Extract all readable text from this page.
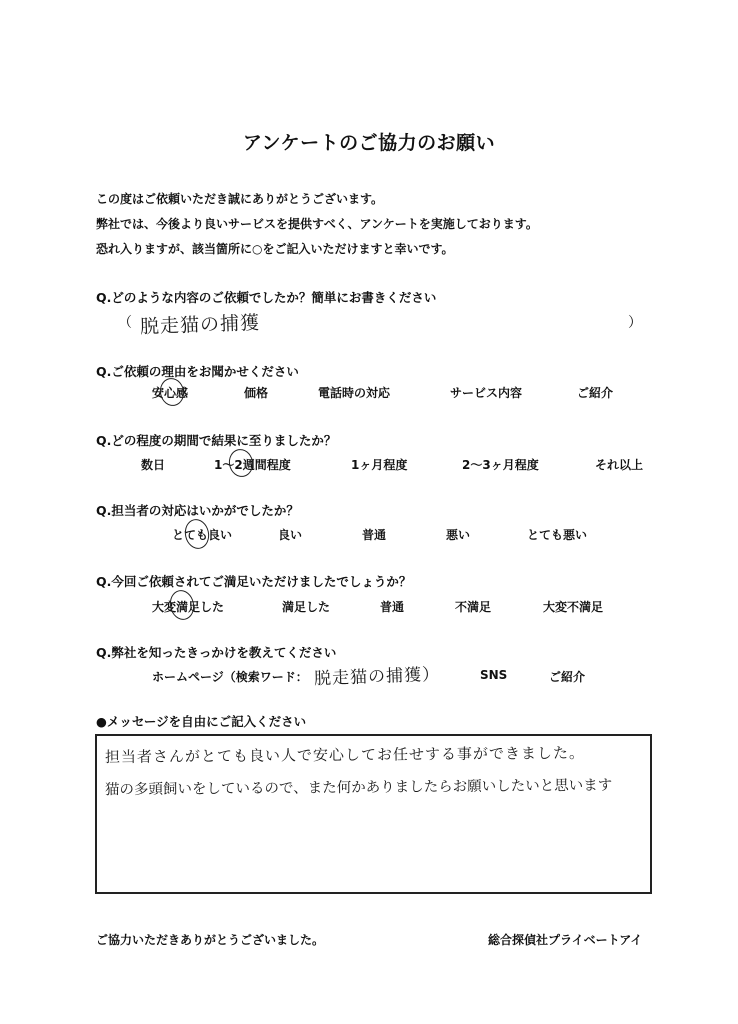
アンケートのご協力のお願い
この度はご依頼いただき誠にありがとうございます。
弊社では、今後より良いサービスを提供すべく、アンケートを実施しております。
恐れ入りますが、該当箇所に○をご記入いただけますと幸いです。
Q.どのような内容のご依頼でしたか？簡単にお書きください
（ 脱走猫の捕獲	）
Q.ご依頼の理由をお聞かせください
安心感	価格	電話時の対応	サービス内容	ご紹介
Q.どの程度の期間で結果に至りましたか？
数日	1～2週間程度	1ヶ月程度	2～3ヶ月程度	それ以上
Q.担当者の対応はいかがでしたか？
とても良い	良い	普通	悪い	とても悪い
Q.今回ご依頼されてご満足いただけましたでしょうか？
大変満足した	満足した	普通	不満足	大変不満足
Q.弊社を知ったきっかけを教えてください
ホームページ（検索ワード： 脱走猫の捕獲）	SNS	ご紹介
●メッセージを自由にご記入ください
担当者さんがとても良い人で安心してお任せする事ができました。
猫の多頭飼いをしているので、また何かありましたらお願いしたいと思います
ご協力いただきありがとうございました。	総合探偵社プライベートアイ
